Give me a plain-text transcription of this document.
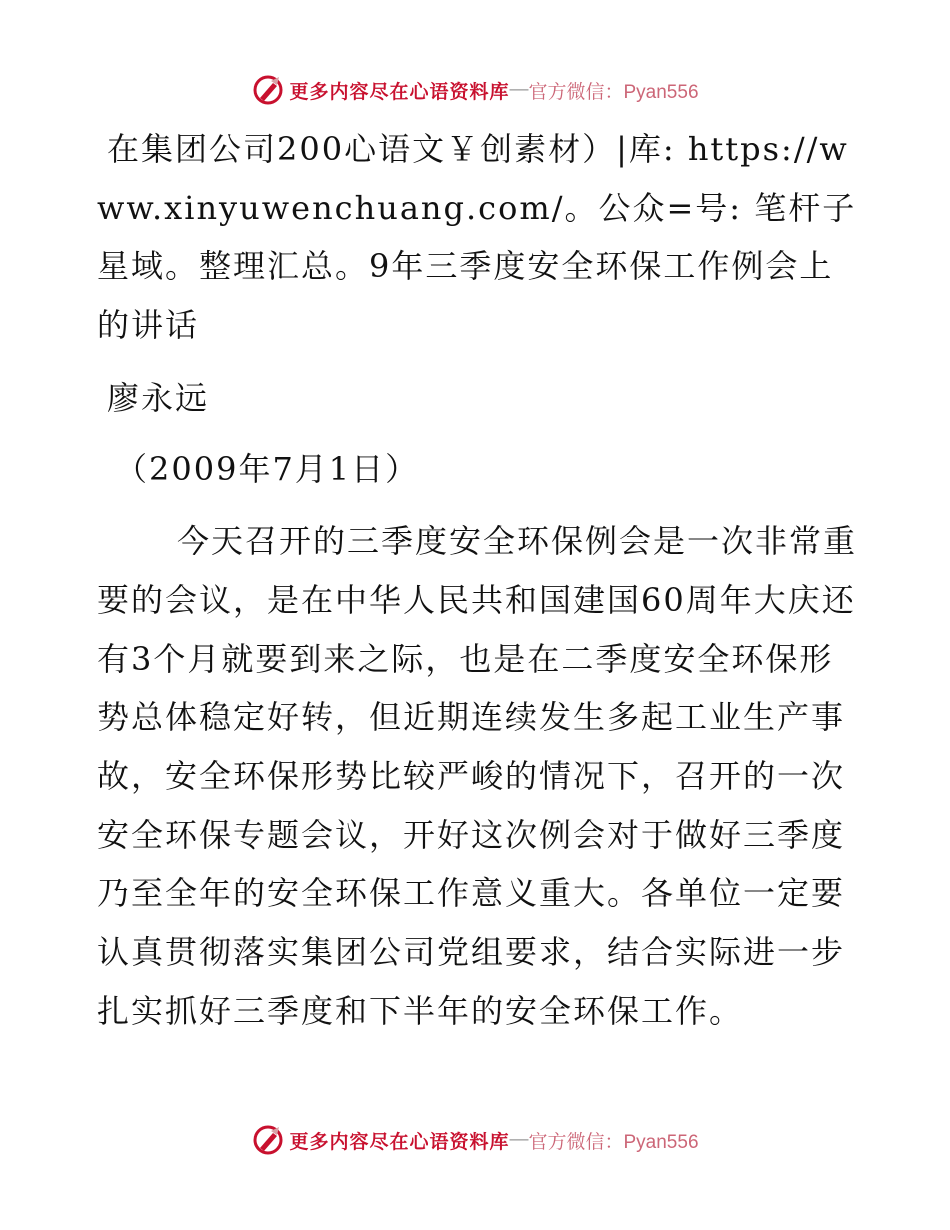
更多内容尽在心语资料库 — 官方微信：Pyan556

在集团公司200心语文￥创素材）|库: https://www.xinyuwenchuang.com/。公众=号: 笔杆子星域。整理汇总。9年三季度安全环保工作例会上的讲话

廖永远

（2009年7月1日）

今天召开的三季度安全环保例会是一次非常重要的会议，是在中华人民共和国建国60周年大庆还有3个月就要到来之际，也是在二季度安全环保形势总体稳定好转，但近期连续发生多起工业生产事故，安全环保形势比较严峻的情况下，召开的一次安全环保专题会议，开好这次例会对于做好三季度乃至全年的安全环保工作意义重大。各单位一定要认真贯彻落实集团公司党组要求，结合实际进一步扎实抓好三季度和下半年的安全环保工作。

更多内容尽在心语资料库 — 官方微信：Pyan556
